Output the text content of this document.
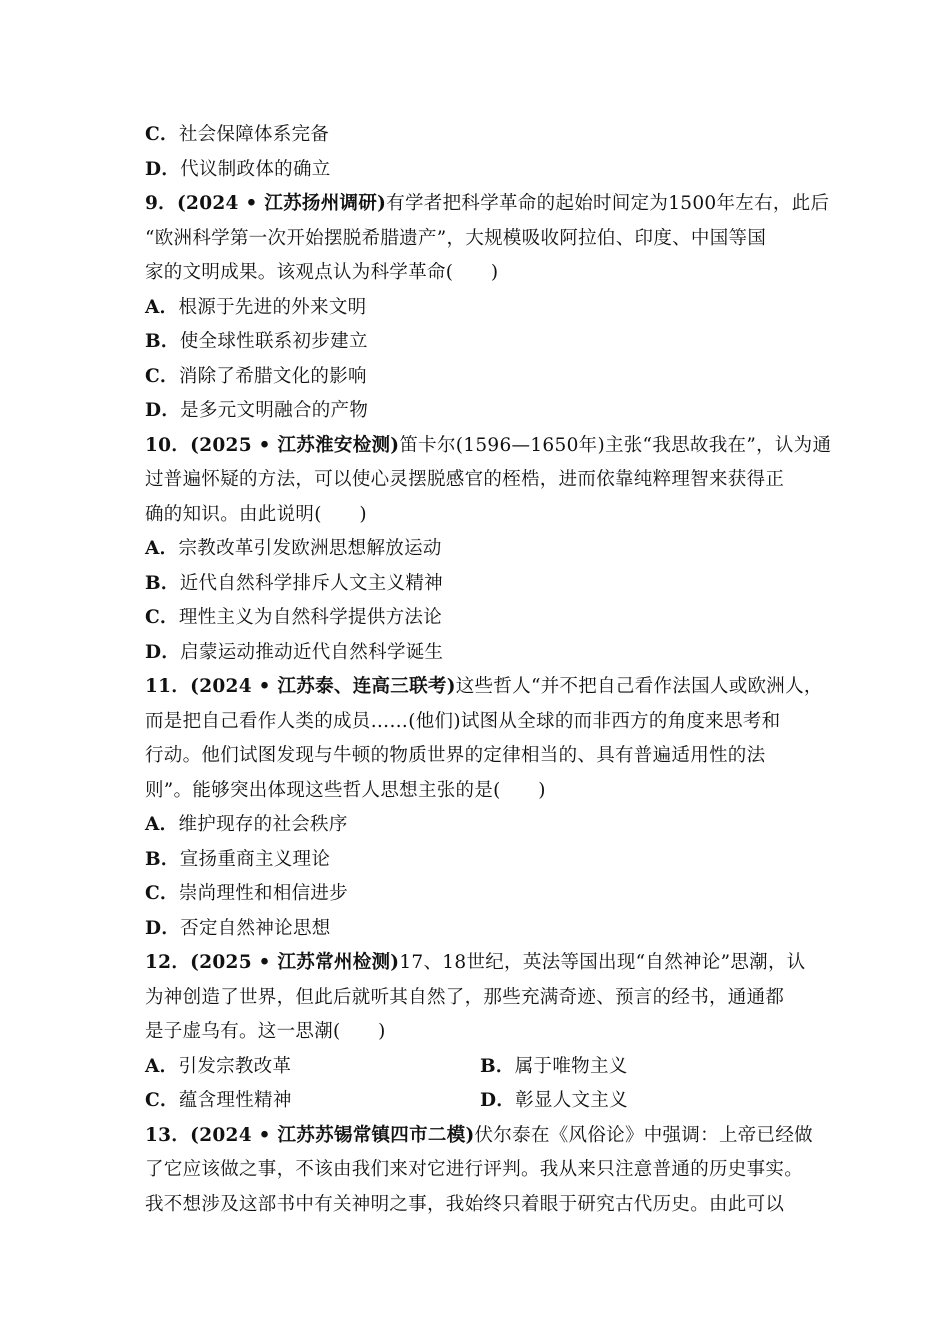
C．社会保障体系完备
D．代议制政体的确立
9．(2024 • 江苏扬州调研)有学者把科学革命的起始时间定为1500年左右，此后
“欧洲科学第一次开始摆脱希腊遗产”，大规模吸收阿拉伯、印度、中国等国
家的文明成果。该观点认为科学革命(　　)
A．根源于先进的外来文明
B．使全球性联系初步建立
C．消除了希腊文化的影响
D．是多元文明融合的产物
10．(2025 • 江苏淮安检测)笛卡尔(1596—1650年)主张“我思故我在”，认为通
过普遍怀疑的方法，可以使心灵摆脱感官的桎梏，进而依靠纯粹理智来获得正
确的知识。由此说明(　　)
A．宗教改革引发欧洲思想解放运动
B．近代自然科学排斥人文主义精神
C．理性主义为自然科学提供方法论
D．启蒙运动推动近代自然科学诞生
11．(2024 • 江苏泰、连高三联考)这些哲人“并不把自己看作法国人或欧洲人，
而是把自己看作人类的成员……(他们)试图从全球的而非西方的角度来思考和
行动。他们试图发现与牛顿的物质世界的定律相当的、具有普遍适用性的法
则”。能够突出体现这些哲人思想主张的是(　　)
A．维护现存的社会秩序
B．宣扬重商主义理论
C．崇尚理性和相信进步
D．否定自然神论思想
12．(2025 • 江苏常州检测)17、18世纪，英法等国出现“自然神论”思潮，认
为神创造了世界，但此后就听其自然了，那些充满奇迹、预言的经书，通通都
是子虚乌有。这一思潮(　　)
A．引发宗教改革	B．属于唯物主义
C．蕴含理性精神	D．彰显人文主义
13．(2024 • 江苏苏锡常镇四市二模)伏尔泰在《风俗论》中强调：上帝已经做
了它应该做之事，不该由我们来对它进行评判。我从来只注意普通的历史事实。
我不想涉及这部书中有关神明之事，我始终只着眼于研究古代历史。由此可以
